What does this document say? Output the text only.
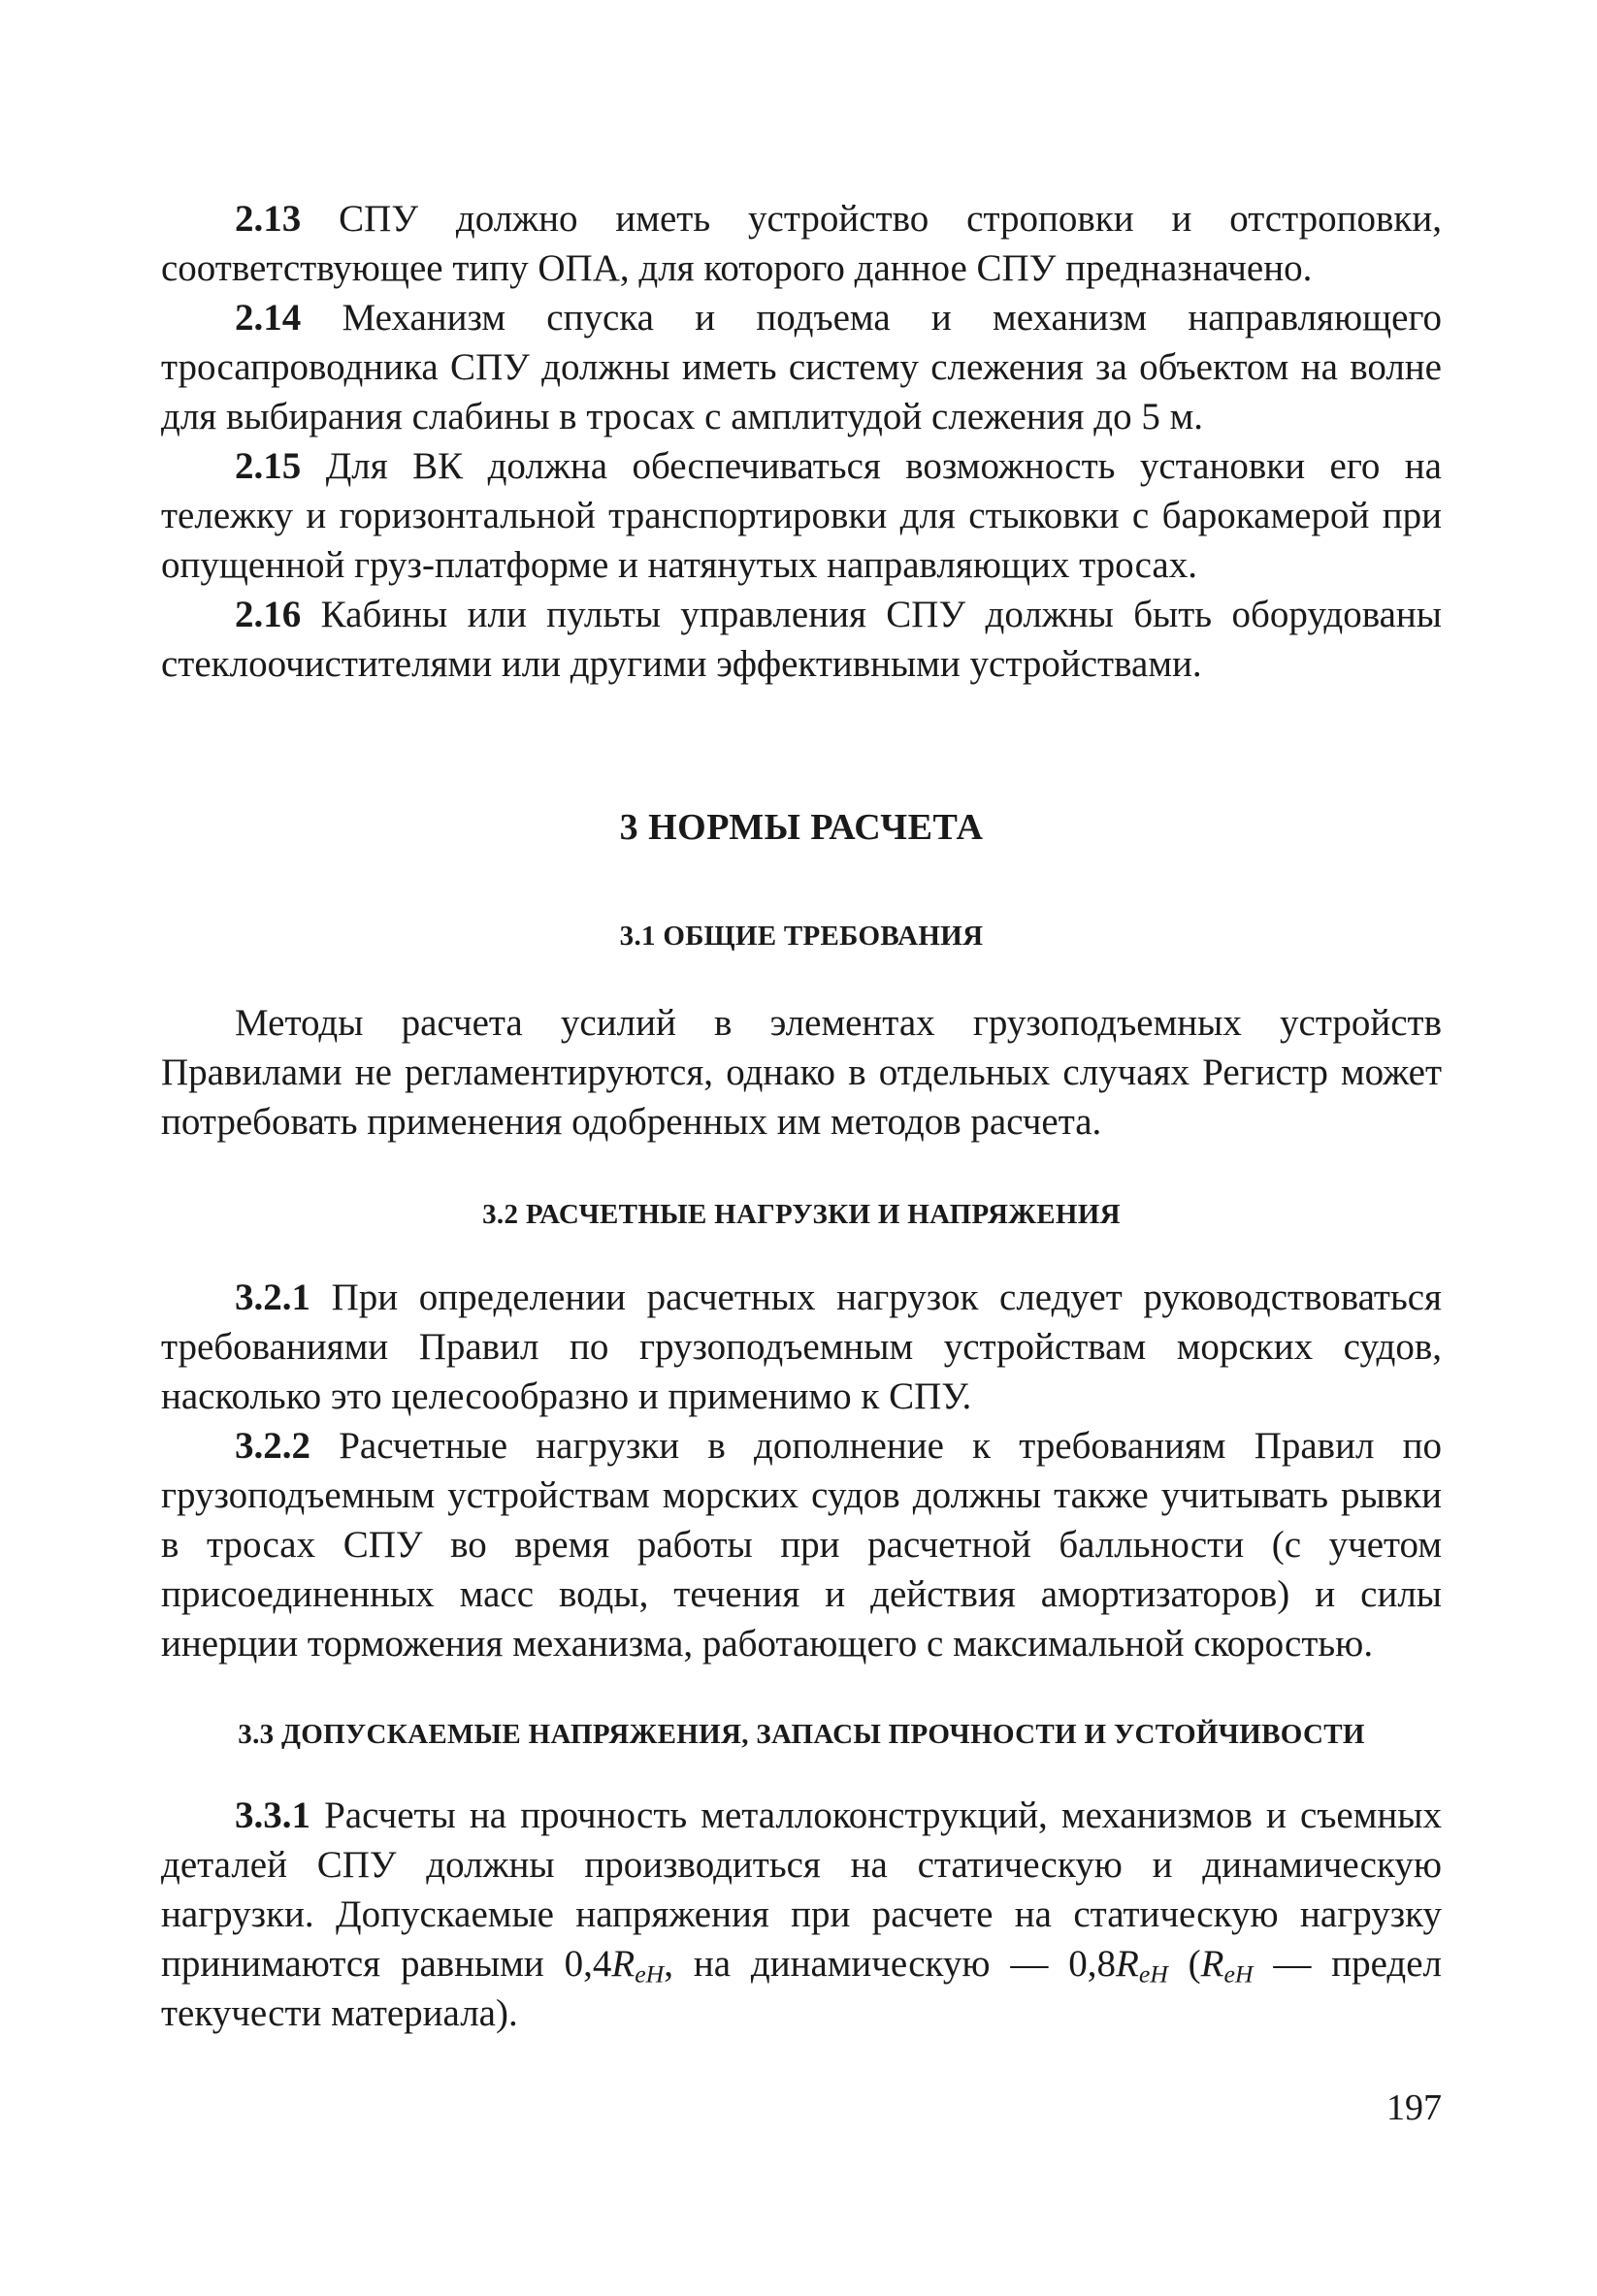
2.13 СПУ должно иметь устройство строповки и отстроповки, соответствующее типу ОПА, для которого данное СПУ предназначено.

2.14 Механизм спуска и подъема и механизм направляющего тросапроводника СПУ должны иметь систему слежения за объектом на волне для выбирания слабины в тросах с амплитудой слежения до 5 м.

2.15 Для ВК должна обеспечиваться возможность установки его на тележку и горизонтальной транспортировки для стыковки с барокамерой при опущенной груз-платформе и натянутых направляющих тросах.

2.16 Кабины или пульты управления СПУ должны быть оборудованы стеклоочистителями или другими эффективными устройствами.

3 НОРМЫ РАСЧЕТА
3.1 ОБЩИЕ ТРЕБОВАНИЯ

Методы расчета усилий в элементах грузоподъемных устройств Правилами не регламентируются, однако в отдельных случаях Регистр может потребовать применения одобренных им методов расчета.

3.2 РАСЧЕТНЫЕ НАГРУЗКИ И НАПРЯЖЕНИЯ

3.2.1 При определении расчетных нагрузок следует руководствоваться требованиями Правил по грузоподъемным устройствам морских судов, насколько это целесообразно и применимо к СПУ.

3.2.2 Расчетные нагрузки в дополнение к требованиям Правил по грузоподъемным устройствам морских судов должны также учитывать рывки в тросах СПУ во время работы при расчетной балльности (с учетом присоединенных масс воды, течения и действия амортизаторов) и силы инерции торможения механизма, работающего с максимальной скоростью.

3.3 ДОПУСКАЕМЫЕ НАПРЯЖЕНИЯ, ЗАПАСЫ ПРОЧНОСТИ И УСТОЙЧИВОСТИ

3.3.1 Расчеты на прочность металлоконструкций, механизмов и съемных деталей СПУ должны производиться на статическую и динамическую нагрузки. Допускаемые напряжения при расчете на статическую нагрузку принимаются равными $0,4R_{eH}$, на динамическую — $0,8R_{eH}$ ($R_{eH}$ — предел текучести материала).

197
